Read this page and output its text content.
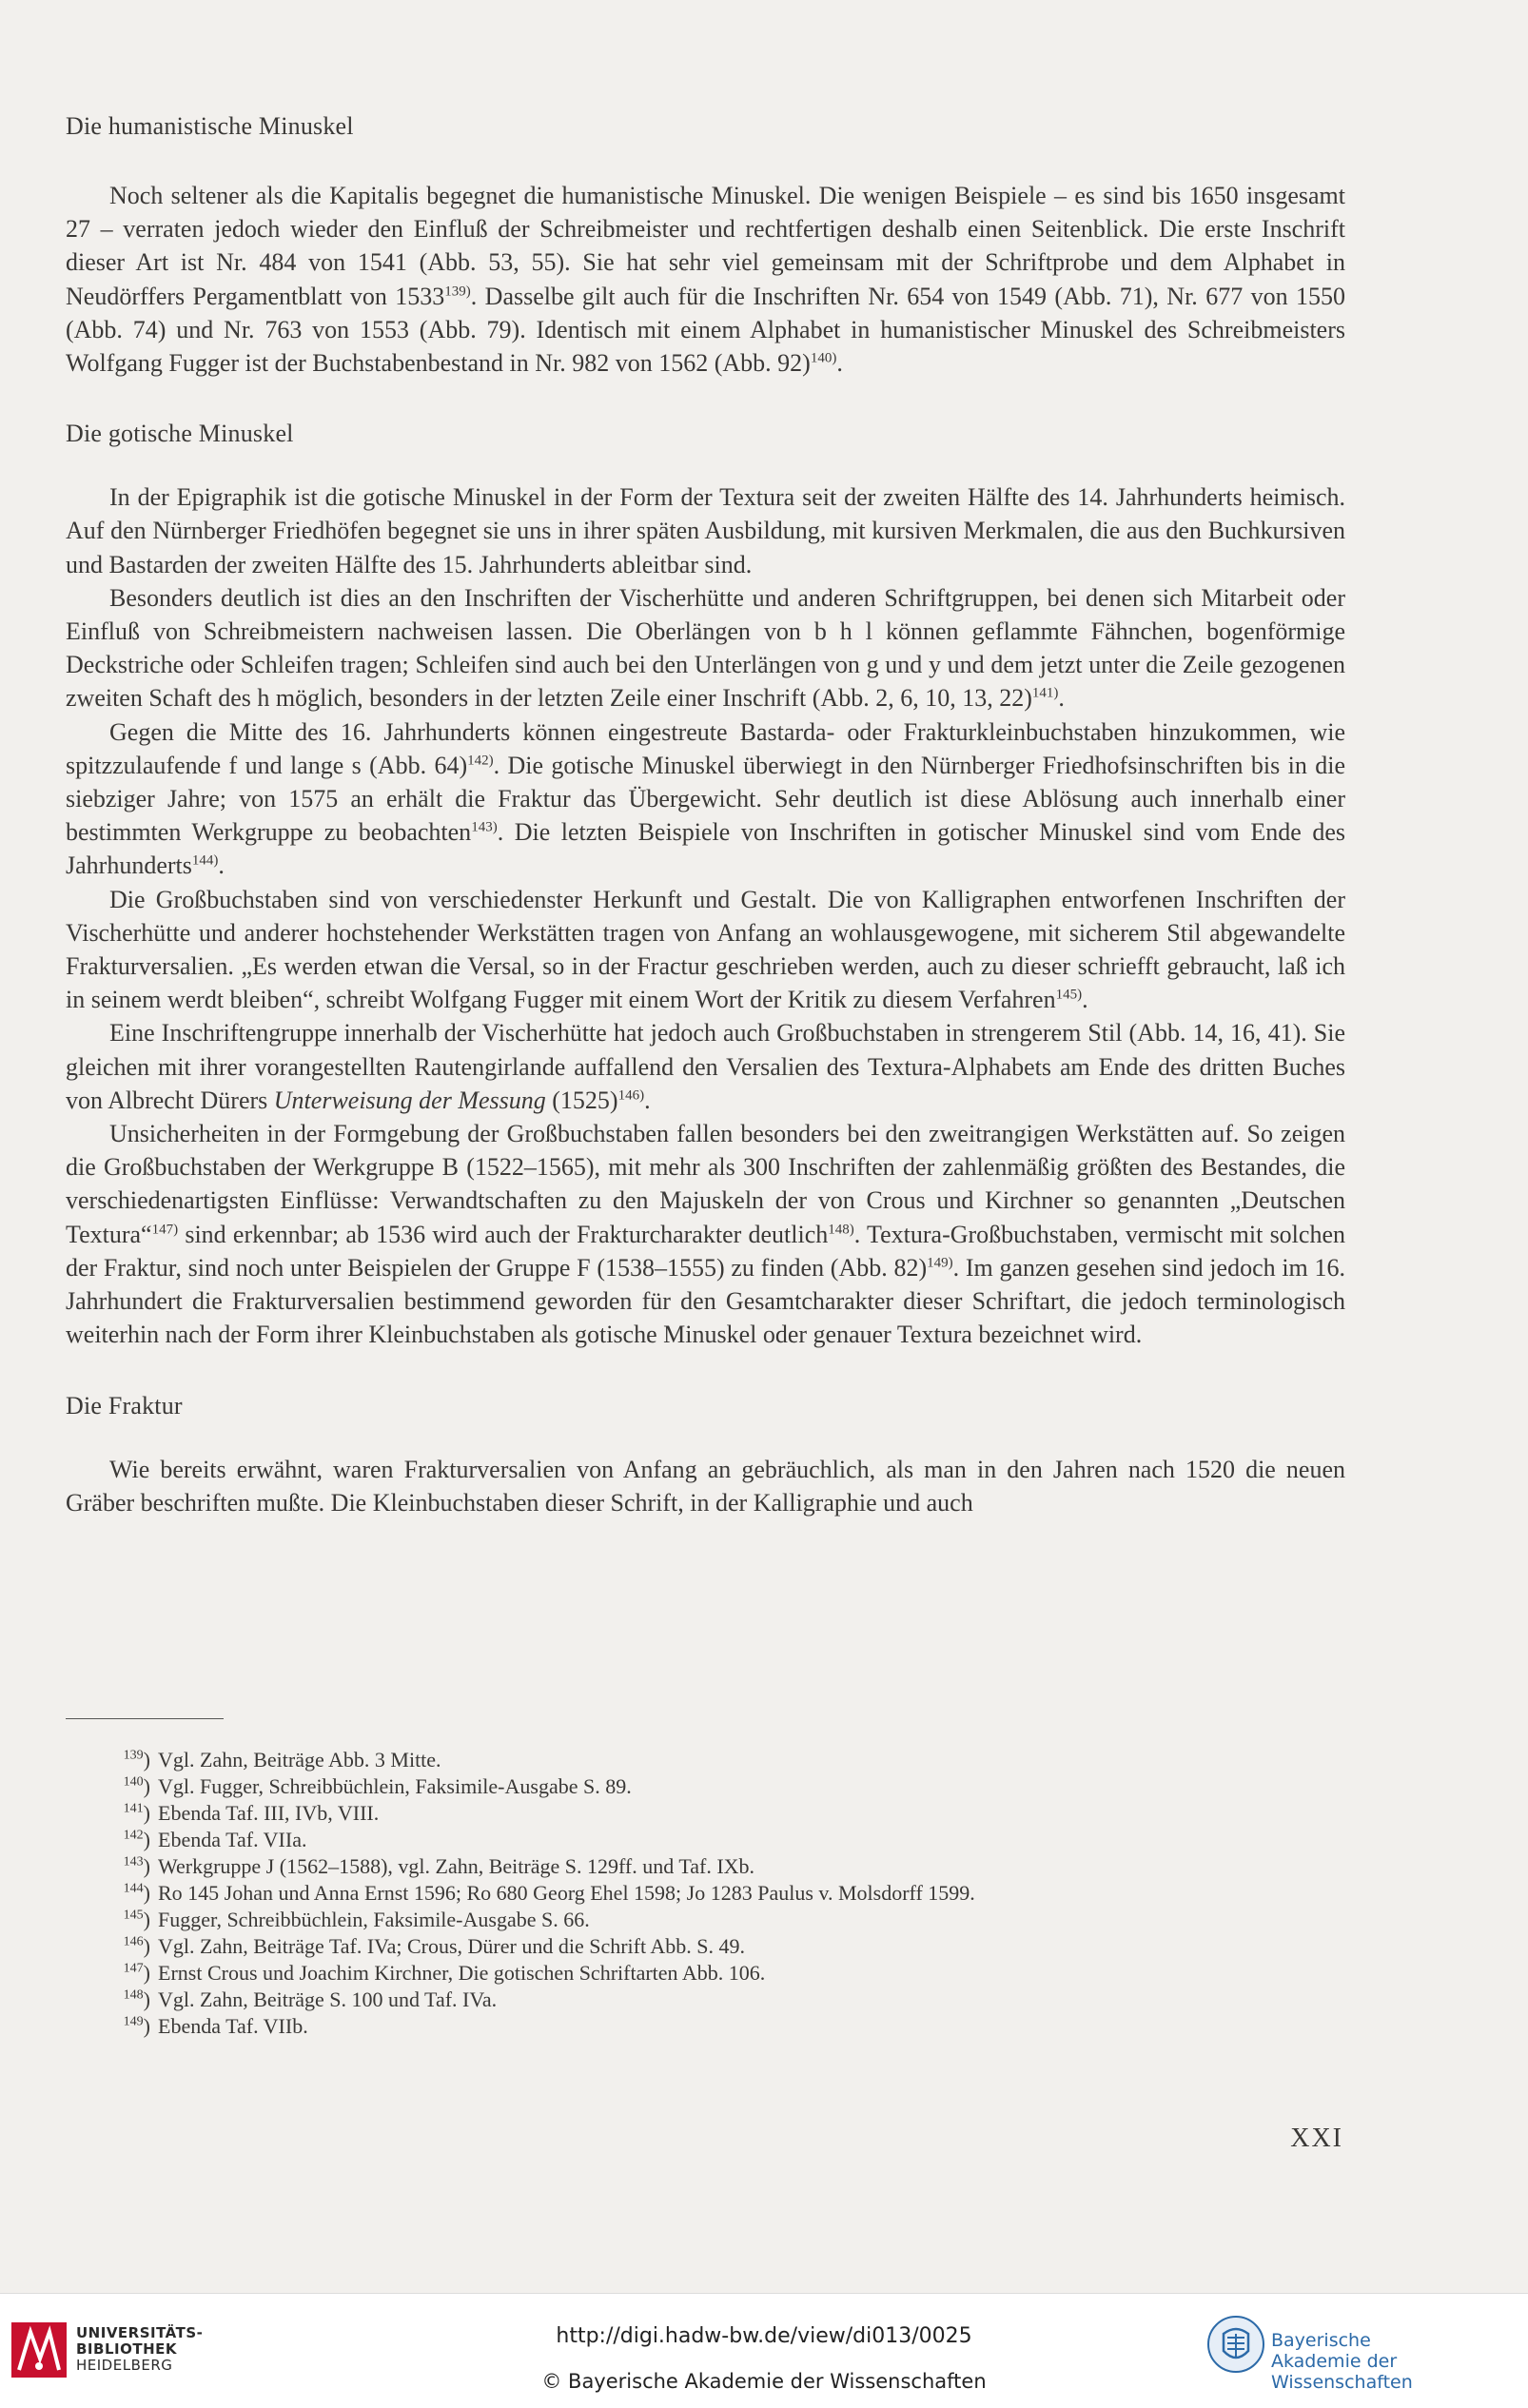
Die humanistische Minuskel

Noch seltener als die Kapitalis begegnet die humanistische Minuskel. Die wenigen Beispiele – es sind bis 1650 insgesamt 27 – verraten jedoch wieder den Einfluß der Schreibmeister und rechtfertigen deshalb einen Seitenblick. Die erste Inschrift dieser Art ist Nr. 484 von 1541 (Abb. 53, 55). Sie hat sehr viel gemeinsam mit der Schriftprobe und dem Alphabet in Neudörffers Pergamentblatt von 1533$^{139)}$. Dasselbe gilt auch für die Inschriften Nr. 654 von 1549 (Abb. 71), Nr. 677 von 1550 (Abb. 74) und Nr. 763 von 1553 (Abb. 79). Identisch mit einem Alphabet in humanistischer Minuskel des Schreibmeisters Wolfgang Fugger ist der Buchstabenbestand in Nr. 982 von 1562 (Abb. 92)$^{140)}$.

Die gotische Minuskel

In der Epigraphik ist die gotische Minuskel in der Form der Textura seit der zweiten Hälfte des 14. Jahrhunderts heimisch. Auf den Nürnberger Friedhöfen begegnet sie uns in ihrer späten Ausbildung, mit kursiven Merkmalen, die aus den Buchkursiven und Bastarden der zweiten Hälfte des 15. Jahrhunderts ableitbar sind.

Besonders deutlich ist dies an den Inschriften der Vischerhütte und anderen Schriftgruppen, bei denen sich Mitarbeit oder Einfluß von Schreibmeistern nachweisen lassen. Die Oberlängen von b h l können geflammte Fähnchen, bogenförmige Deckstriche oder Schleifen tragen; Schleifen sind auch bei den Unterlängen von g und y und dem jetzt unter die Zeile gezogenen zweiten Schaft des h möglich, besonders in der letzten Zeile einer Inschrift (Abb. 2, 6, 10, 13, 22)$^{141)}$.

Gegen die Mitte des 16. Jahrhunderts können eingestreute Bastarda- oder Frakturkleinbuchstaben hinzukommen, wie spitzzulaufende f und lange s (Abb. 64)$^{142)}$. Die gotische Minuskel überwiegt in den Nürnberger Friedhofsinschriften bis in die siebziger Jahre; von 1575 an erhält die Fraktur das Übergewicht. Sehr deutlich ist diese Ablösung auch innerhalb einer bestimmten Werkgruppe zu beobachten$^{143)}$. Die letzten Beispiele von Inschriften in gotischer Minuskel sind vom Ende des Jahrhunderts$^{144)}$.

Die Großbuchstaben sind von verschiedenster Herkunft und Gestalt. Die von Kalligraphen entworfenen Inschriften der Vischerhütte und anderer hochstehender Werkstätten tragen von Anfang an wohlausgewogene, mit sicherem Stil abgewandelte Frakturversalien. „Es werden etwan die Versal, so in der Fractur geschrieben werden, auch zu dieser schriefft gebraucht, laß ich in seinem werdt bleiben“, schreibt Wolfgang Fugger mit einem Wort der Kritik zu diesem Verfahren$^{145)}$.

Eine Inschriftengruppe innerhalb der Vischerhütte hat jedoch auch Großbuchstaben in strengerem Stil (Abb. 14, 16, 41). Sie gleichen mit ihrer vorangestellten Rautengirlande auffallend den Versalien des Textura-Alphabets am Ende des dritten Buches von Albrecht Dürers Unterweisung der Messung (1525)$^{146)}$.

Unsicherheiten in der Formgebung der Großbuchstaben fallen besonders bei den zweitrangigen Werkstätten auf. So zeigen die Großbuchstaben der Werkgruppe B (1522–1565), mit mehr als 300 Inschriften der zahlenmäßig größten des Bestandes, die verschiedenartigsten Einflüsse: Verwandtschaften zu den Majuskeln der von Crous und Kirchner so genannten „Deutschen Textura“$^{147)}$ sind erkennbar; ab 1536 wird auch der Frakturcharakter deutlich$^{148)}$. Textura-Großbuchstaben, vermischt mit solchen der Fraktur, sind noch unter Beispielen der Gruppe F (1538–1555) zu finden (Abb. 82)$^{149)}$. Im ganzen gesehen sind jedoch im 16. Jahrhundert die Frakturversalien bestimmend geworden für den Gesamtcharakter dieser Schriftart, die jedoch terminologisch weiterhin nach der Form ihrer Kleinbuchstaben als gotische Minuskel oder genauer Textura bezeichnet wird.

Die Fraktur

Wie bereits erwähnt, waren Frakturversalien von Anfang an gebräuchlich, als man in den Jahren nach 1520 die neuen Gräber beschriften mußte. Die Kleinbuchstaben dieser Schrift, in der Kalligraphie und auch

$^{139}$) Vgl. Zahn, Beiträge Abb. 3 Mitte.
$^{140}$) Vgl. Fugger, Schreibbüchlein, Faksimile-Ausgabe S. 89.
$^{141}$) Ebenda Taf. III, IVb, VIII.
$^{142}$) Ebenda Taf. VIIa.
$^{143}$) Werkgruppe J (1562–1588), vgl. Zahn, Beiträge S. 129ff. und Taf. IXb.
$^{144}$) Ro 145 Johan und Anna Ernst 1596; Ro 680 Georg Ehel 1598; Jo 1283 Paulus v. Molsdorff 1599.
$^{145}$) Fugger, Schreibbüchlein, Faksimile-Ausgabe S. 66.
$^{146}$) Vgl. Zahn, Beiträge Taf. IVa; Crous, Dürer und die Schrift Abb. S. 49.
$^{147}$) Ernst Crous und Joachim Kirchner, Die gotischen Schriftarten Abb. 106.
$^{148}$) Vgl. Zahn, Beiträge S. 100 und Taf. IVa.
$^{149}$) Ebenda Taf. VIIb.
XXI
UNIVERSITÄTS-
BIBLIOTHEK
HEIDELBERG
http://digi.hadw-bw.de/view/di013/0025
© Bayerische Akademie der Wissenschaften
Bayerische
Akademie der Wissenschaften
